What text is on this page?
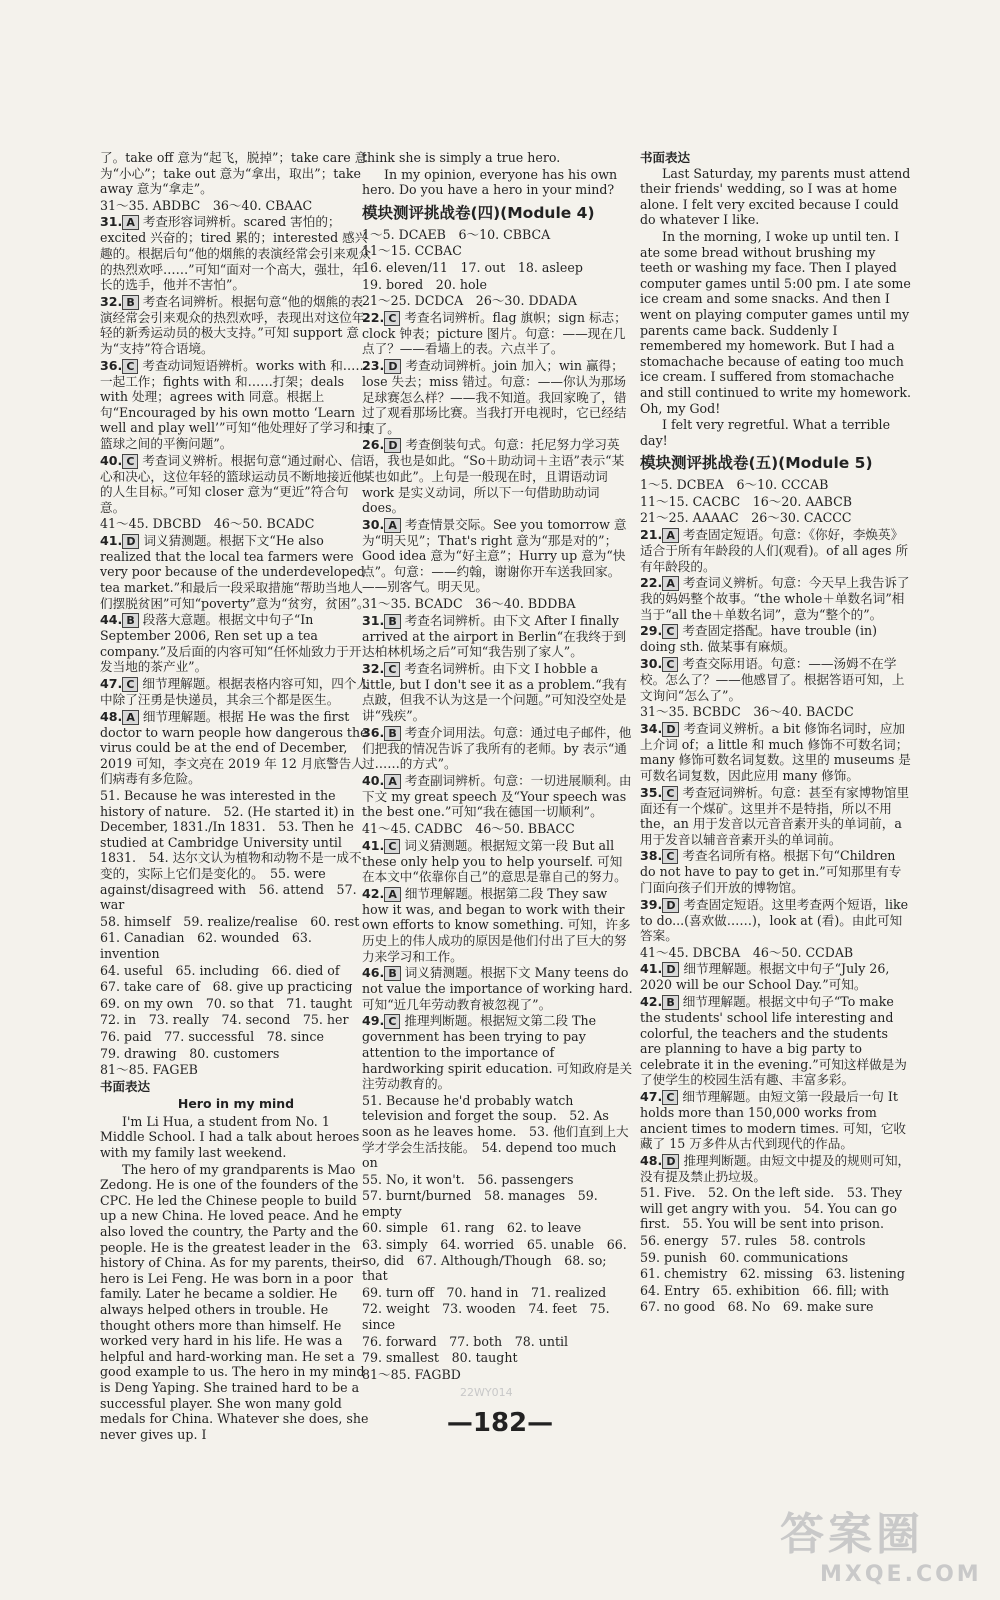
了。take off 意为“起飞，脱掉”；take care 意为“小心”；take out 意为“拿出，取出”；take away 意为“拿走”。
31～35. ABDBC　36～40. CBAAC
31. A 考查形容词辨析。scared 害怕的；excited 兴奋的；tired 累的；interested 感兴趣的。根据后句“他的烟熊的表演经常会引来观众的热烈欢呼……”可知“面对一个高大，强壮，年长的选手，他并不害怕”。
32. B 考查名词辨析。根据句意“他的烟熊的表演经常会引来观众的热烈欢呼，表现出对这位年轻的新秀运动员的极大支持。”可知 support 意为“支持”符合语境。
36. C 考查动词短语辨析。works with 和……一起工作；fights with 和……打架；deals with 处理；agrees with 同意。根据上句“Encouraged by his own motto ‘Learn well and play well’”可知“他处理好了学习和打篮球之间的平衡问题”。
40. C 考查词义辨析。根据句意“通过耐心、信心和决心，这位年轻的篮球运动员不断地接近他的人生目标。”可知 closer 意为“更近”符合句意。
41～45. DBCBD　46～50. BCADC
41. D 词义猜测题。根据下文“He also realized that the local tea farmers were very poor because of the underdeveloped tea market.”和最后一段采取措施“帮助当地人们摆脱贫困”可知“poverty”意为“贫穷，贫困”。
44. B 段落大意题。根据文中句子“In September 2006, Ren set up a tea company.”及后面的内容可知“任怀灿致力于开发当地的茶产业”。
47. C 细节理解题。根据表格内容可知，四个人中除了汪勇是快递员，其余三个都是医生。
48. A 细节理解题。根据 He was the first doctor to warn people how dangerous the virus could be at the end of December, 2019 可知，李文亮在 2019 年 12 月底警告人们病毒有多危险。
51. Because he was interested in the history of nature.　52. (He started it) in December, 1831./In 1831.　53. Then he studied at Cambridge University until 1831.　54. 达尔文认为植物和动物不是一成不变的，实际上它们是变化的。　55. were against/disagreed with　56. attend　57. war
58. himself　59. realize/realise　60. rest
61. Canadian　62. wounded　63. invention
64. useful　65. including　66. died of
67. take care of　68. give up practicing
69. on my own　70. so that　71. taught
72. in　73. really　74. second　75. her
76. paid　77. successful　78. since
79. drawing　80. customers
81～85. FAGEB
书面表达
Hero in my mind
I'm Li Hua, a student from No. 1 Middle School. I had a talk about heroes with my family last weekend.
The hero of my grandparents is Mao Zedong. He is one of the founders of the CPC. He led the Chinese people to build up a new China. He loved peace. And he also loved the country, the Party and the people. He is the greatest leader in the history of China. As for my parents, their hero is Lei Feng. He was born in a poor family. Later he became a soldier. He always helped others in trouble. He thought others more than himself. He worked very hard in his life. He was a helpful and hard-working man. He set a good example to us. The hero in my mind is Deng Yaping. She trained hard to be a successful player. She won many gold medals for China. Whatever she does, she never gives up. I
think she is simply a true hero.
In my opinion, everyone has his own hero. Do you have a hero in your mind?
模块测评挑战卷(四)(Module 4)
1～5. DCAEB　6～10. CBBCA
11～15. CCBAC
16. eleven/11　17. out　18. asleep
19. bored　20. hole
21～25. DCDCA　26～30. DDADA
22. C 考查名词辨析。flag 旗帜；sign 标志；clock 钟表；picture 图片。句意：——现在几点了？——看墙上的表。六点半了。
23. D 考查动词辨析。join 加入；win 赢得；lose 失去；miss 错过。句意：——你认为那场足球赛怎么样？——我不知道。我回家晚了，错过了观看那场比赛。当我打开电视时，它已经结束了。
26. D 考查倒装句式。句意：托尼努力学习英语，我也是如此。“So＋助动词＋主语”表示“某某也如此”。上句是一般现在时，且谓语动词 work 是实义动词，所以下一句借助助动词 does。
30. A 考查情景交际。See you tomorrow 意为“明天见”；That's right 意为“那是对的”；Good idea 意为“好主意”；Hurry up 意为“快点”。句意：——约翰，谢谢你开车送我回家。——别客气。明天见。
31～35. BCADC　36～40. BDDBA
31. B 考查名词辨析。由下文 After I finally arrived at the airport in Berlin“在我终于到达柏林机场之后”可知“我告别了家人”。
32. C 考查名词辨析。由下文 I hobble a little, but I don't see it as a problem.“我有点跛，但我不认为这是一个问题。”可知没空处是讲“残疾”。
36. B 考查介词用法。句意：通过电子邮件，他们把我的情况告诉了我所有的老师。by 表示“通过……的方式”。
40. A 考查副词辨析。句意：一切进展顺利。由下文 my great speech 及“Your speech was the best one.”可知“我在德国一切顺利”。
41～45. CADBC　46～50. BBACC
41. C 词义猜测题。根据短文第一段 But all these only help you to help yourself. 可知在本文中“依靠你自己”的意思是靠自己的努力。
42. A 细节理解题。根据第二段 They saw how it was, and began to work with their own efforts to know something. 可知，许多历史上的伟人成功的原因是他们付出了巨大的努力来学习和工作。
46. B 词义猜测题。根据下文 Many teens do not value the importance of working hard. 可知“近几年劳动教育被忽视了”。
49. C 推理判断题。根据短文第二段 The government has been trying to pay attention to the importance of hardworking spirit education. 可知政府是关注劳动教育的。
51. Because he'd probably watch television and forget the soup.　52. As soon as he leaves home.　53. 他们直到上大学才学会生活技能。　54. depend too much on
55. No, it won't.　56. passengers
57. burnt/burned　58. manages　59. empty
60. simple　61. rang　62. to leave
63. simply　64. worried　65. unable　66. so, did　67. Although/Though　68. so; that
69. turn off　70. hand in　71. realized
72. weight　73. wooden　74. feet　75. since
76. forward　77. both　78. until
79. smallest　80. taught
81～85. FAGBD
书面表达
Last Saturday, my parents must attend their friends' wedding, so I was at home alone. I felt very excited because I could do whatever I like.
In the morning, I woke up until ten. I ate some bread without brushing my teeth or washing my face. Then I played computer games until 5:00 pm. I ate some ice cream and some snacks. And then I went on playing computer games until my parents came back. Suddenly I remembered my homework. But I had a stomachache because of eating too much ice cream. I suffered from stomachache and still continued to write my homework. Oh, my God!
I felt very regretful. What a terrible day!
模块测评挑战卷(五)(Module 5)
1～5. DCBEA　6～10. CCCAB
11～15. CACBC　16～20. AABCB
21～25. AAAAC　26～30. CACCC
21. A 考查固定短语。句意：《你好，李焕英》适合于所有年龄段的人们(观看)。of all ages 所有年龄段的。
22. A 考查词义辨析。句意：今天早上我告诉了我的妈妈整个故事。“the whole＋单数名词”相当于“all the＋单数名词”，意为“整个的”。
29. C 考查固定搭配。have trouble (in) doing sth. 做某事有麻烦。
30. C 考查交际用语。句意：——汤姆不在学校。怎么了？——他感冒了。根据答语可知，上文询问“怎么了”。
31～35. BCBDC　36～40. BACDC
34. D 考查词义辨析。a bit 修饰名词时，应加上介词 of；a little 和 much 修饰不可数名词；many 修饰可数名词复数。这里的 museums 是可数名词复数，因此应用 many 修饰。
35. C 考查冠词辨析。句意：甚至有家博物馆里面还有一个煤矿。这里并不是特指，所以不用 the，an 用于发音以元音音素开头的单词前，a 用于发音以辅音音素开头的单词前。
38. C 考查名词所有格。根据下句“Children do not have to pay to get in.”可知那里有专门面向孩子们开放的博物馆。
39. D 考查固定短语。这里考查两个短语，like to do...(喜欢做……)，look at (看)。由此可知答案。
41～45. DBCBA　46～50. CCDAB
41. D 细节理解题。根据文中句子“July 26, 2020 will be our School Day.”可知。
42. B 细节理解题。根据文中句子“To make the students' school life interesting and colorful, the teachers and the students are planning to have a big party to celebrate it in the evening.”可知这样做是为了使学生的校园生活有趣、丰富多彩。
47. C 细节理解题。由短文第一段最后一句 It holds more than 150,000 works from ancient times to modern times. 可知，它收藏了 15 万多件从古代到现代的作品。
48. D 推理判断题。由短文中提及的规则可知，没有提及禁止扔垃圾。
51. Five.　52. On the left side.　53. They will get angry with you.　54. You can go first.　55. You will be sent into prison.
56. energy　57. rules　58. controls
59. punish　60. communications
61. chemistry　62. missing　63. listening
64. Entry　65. exhibition　66. fill; with
67. no good　68. No　69. make sure
22WY014
—182—
答案圈
MXQE.COM
